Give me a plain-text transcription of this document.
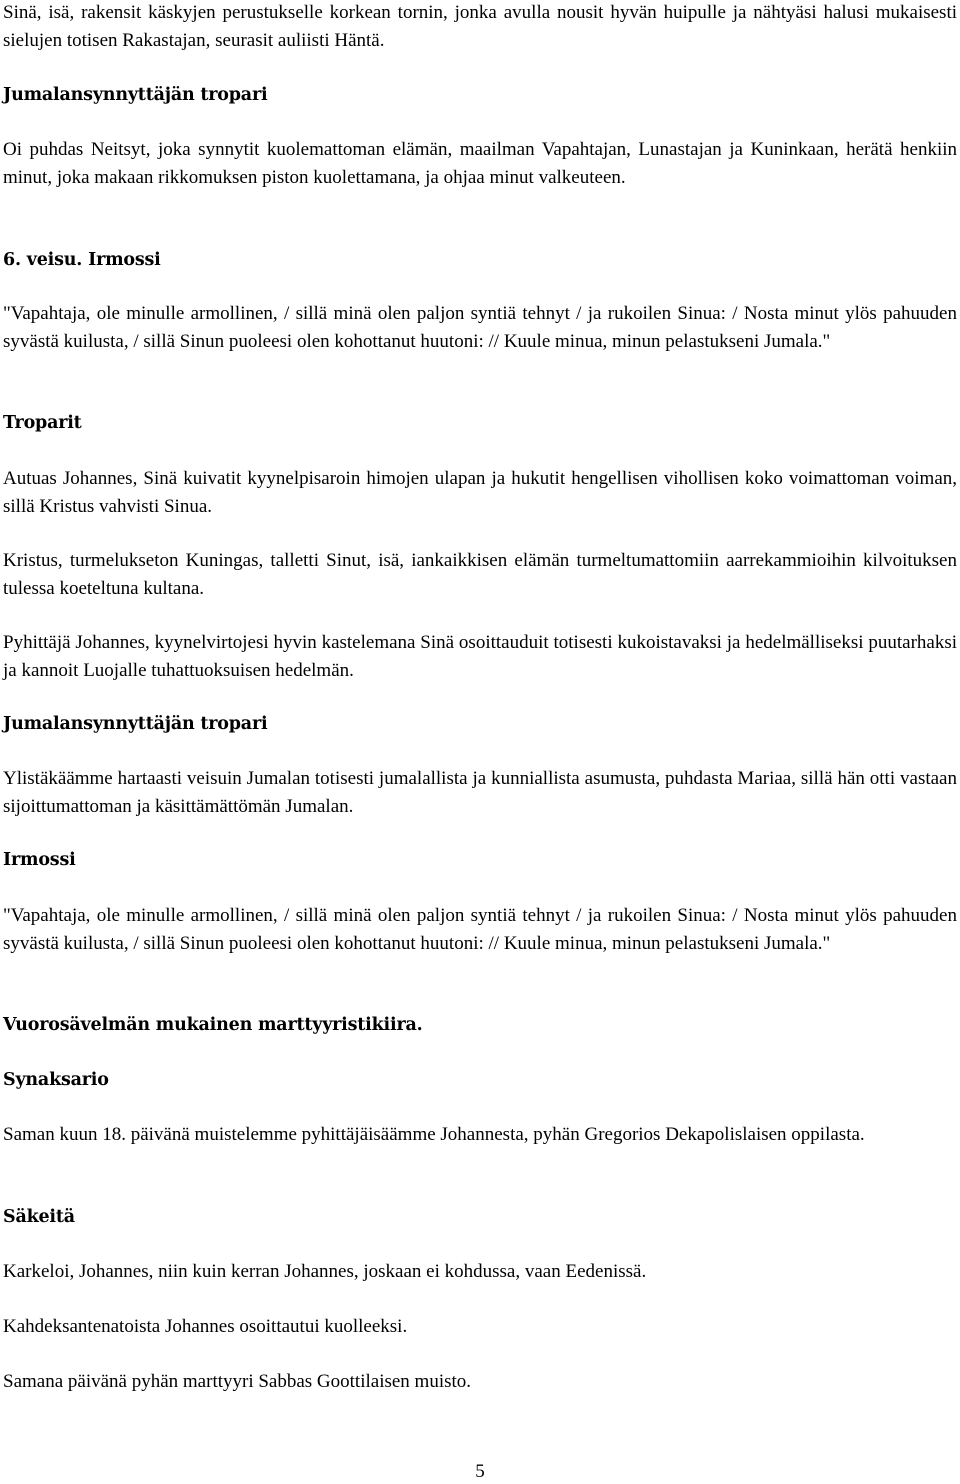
Sinä, isä, rakensit käskyjen perustukselle korkean tornin, jonka avulla nousit hyvän huipulle ja nähtyäsi halusi mukaisesti sielujen totisen Rakastajan, seurasit auliisti Häntä.

Jumalansynnyttäjän tropari

Oi puhdas Neitsyt, joka synnytit kuolemattoman elämän, maailman Vapahtajan, Lunastajan ja Kuninkaan, herätä henkiin minut, joka makaan rikkomuksen piston kuolettamana, ja ohjaa minut valkeuteen.

6. veisu. Irmossi

"Vapahtaja, ole minulle armollinen, / sillä minä olen paljon syntiä tehnyt / ja rukoilen Sinua: / Nosta minut ylös pahuuden syvästä kuilusta, / sillä Sinun puoleesi olen kohottanut huutoni: // Kuule minua, minun pelastukseni Jumala."

Troparit

Autuas Johannes, Sinä kuivatit kyynelpisaroin himojen ulapan ja hukutit hengellisen vihollisen koko voimattoman voiman, sillä Kristus vahvisti Sinua.

Kristus, turmelukseton Kuningas, talletti Sinut, isä, iankaikkisen elämän turmeltumattomiin aarrekammioihin kilvoituksen tulessa koeteltuna kultana.

Pyhittäjä Johannes, kyynelvirtojesi hyvin kastelemana Sinä osoittauduit totisesti kukoistavaksi ja hedelmälliseksi puutarhaksi ja kannoit Luojalle tuhattuoksuisen hedelmän.

Jumalansynnyttäjän tropari

Ylistäkäämme hartaasti veisuin Jumalan totisesti jumalallista ja kunniallista asumusta, puhdasta Mariaa, sillä hän otti vastaan sijoittumattoman ja käsittämättömän Jumalan.

Irmossi

"Vapahtaja, ole minulle armollinen, / sillä minä olen paljon syntiä tehnyt / ja rukoilen Sinua: / Nosta minut ylös pahuuden syvästä kuilusta, / sillä Sinun puoleesi olen kohottanut huutoni: // Kuule minua, minun pelastukseni Jumala."

Vuorosävelmän mukainen marttyyristikiira.
Synaksario

Saman kuun 18. päivänä muistelemme pyhittäjäisäämme Johannesta, pyhän Gregorios Dekapolislaisen oppilasta.

Säkeitä

Karkeloi, Johannes, niin kuin kerran Johannes, joskaan ei kohdussa, vaan Eedenissä.

Kahdeksantenatoista Johannes osoittautui kuolleeksi.

Samana päivänä pyhän marttyyri Sabbas Goottilaisen muisto.

5
